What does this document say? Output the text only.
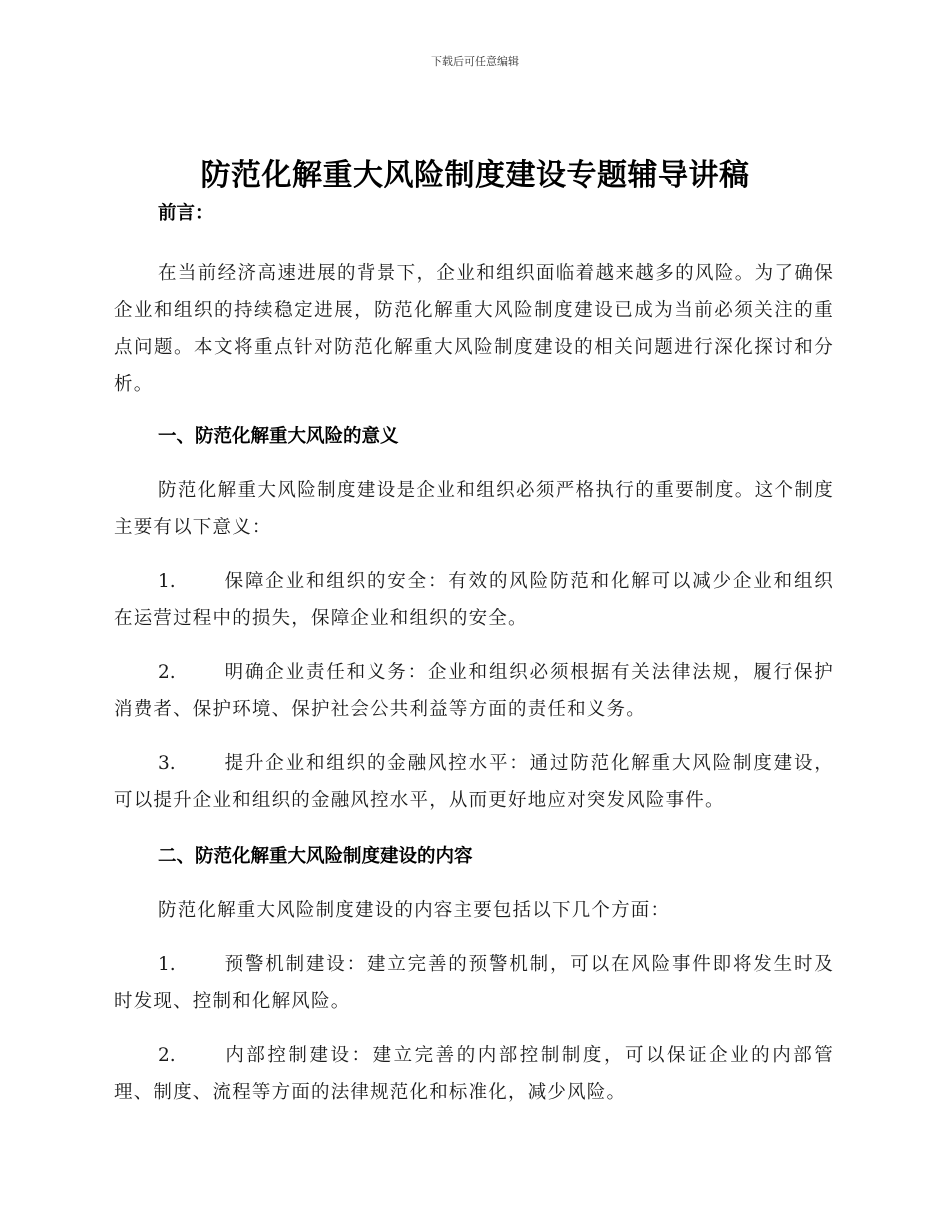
下载后可任意编辑
防范化解重大风险制度建设专题辅导讲稿
前言：

在当前经济高速进展的背景下，企业和组织面临着越来越多的风险。为了确保企业和组织的持续稳定进展，防范化解重大风险制度建设已成为当前必须关注的重点问题。本文将重点针对防范化解重大风险制度建设的相关问题进行深化探讨和分析。

一、防范化解重大风险的意义

防范化解重大风险制度建设是企业和组织必须严格执行的重要制度。这个制度主要有以下意义：

1.	保障企业和组织的安全：有效的风险防范和化解可以减少企业和组织在运营过程中的损失，保障企业和组织的安全。

2.	明确企业责任和义务：企业和组织必须根据有关法律法规，履行保护消费者、保护环境、保护社会公共利益等方面的责任和义务。

3.	提升企业和组织的金融风控水平：通过防范化解重大风险制度建设，可以提升企业和组织的金融风控水平，从而更好地应对突发风险事件。

二、防范化解重大风险制度建设的内容

防范化解重大风险制度建设的内容主要包括以下几个方面：

1.	预警机制建设：建立完善的预警机制，可以在风险事件即将发生时及时发现、控制和化解风险。

2.	内部控制建设：建立完善的内部控制制度，可以保证企业的内部管理、制度、流程等方面的法律规范化和标准化，减少风险。
